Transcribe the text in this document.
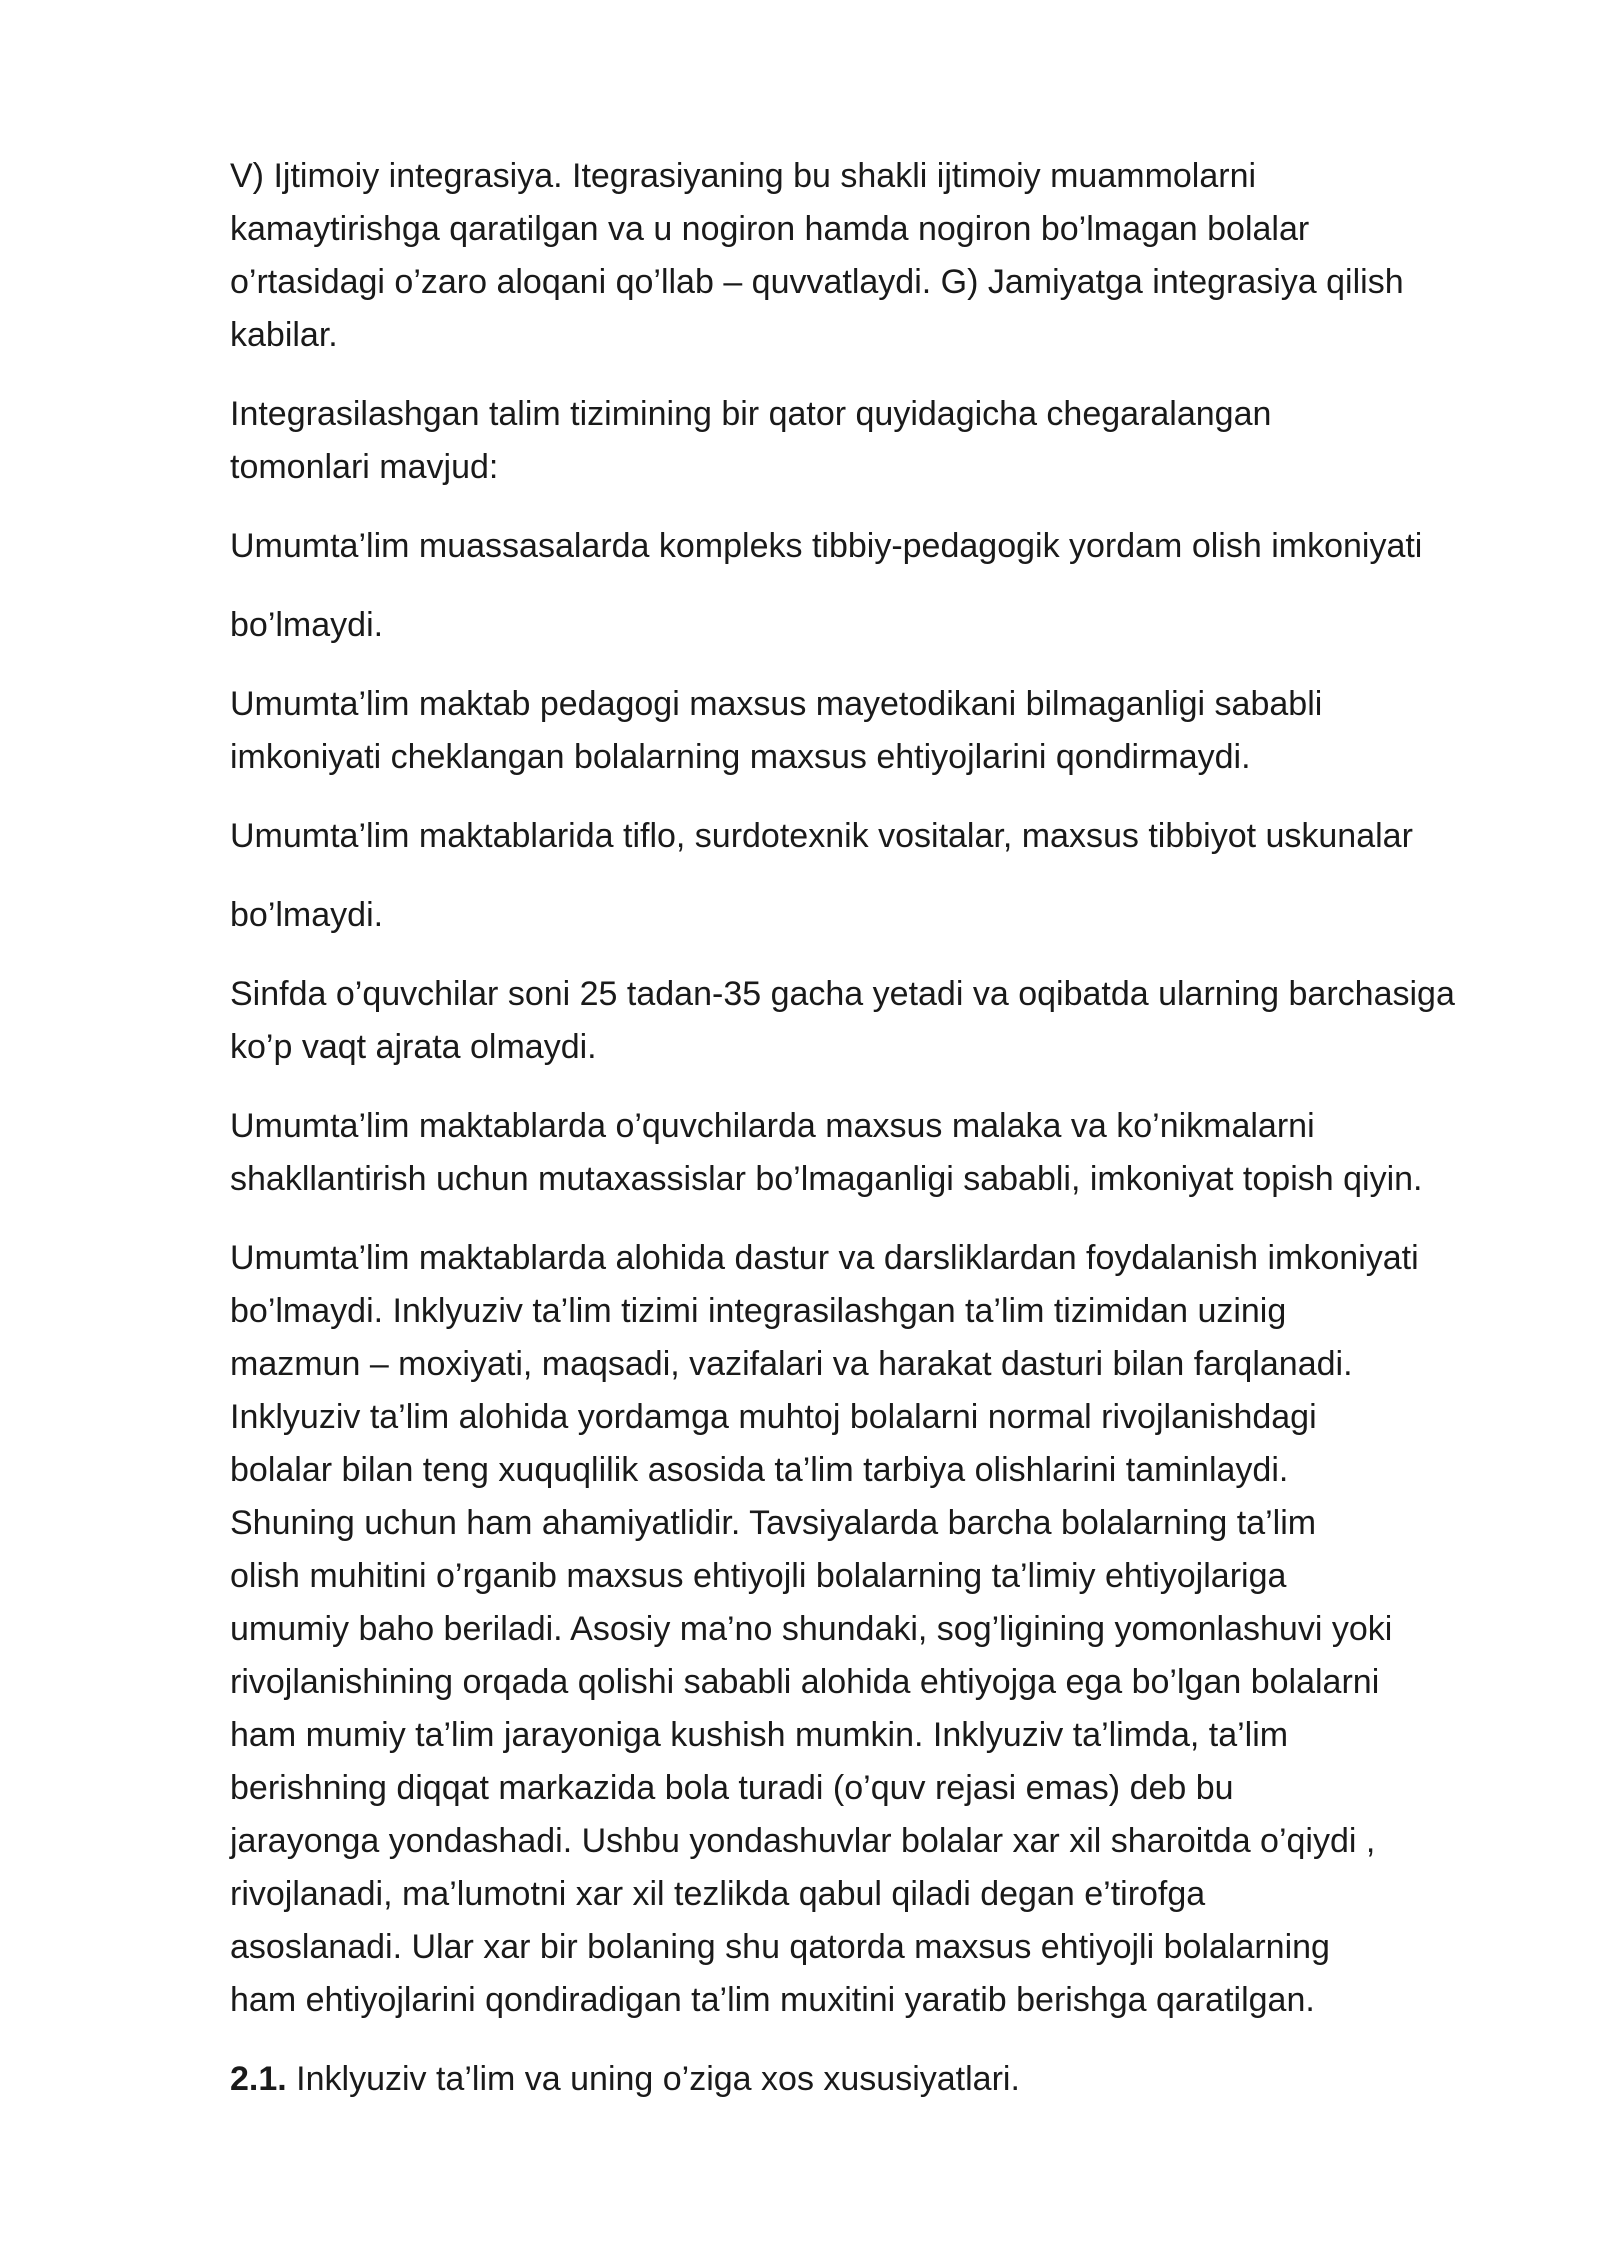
V) Ijtimoiy integrasiya. Itegrasiyaning bu shakli ijtimoiy muammolarni

kamaytirishga qaratilgan va u nogiron hamda nogiron bo’lmagan bolalar

o’rtasidagi o’zaro aloqani qo’llab – quvvatlaydi. G) Jamiyatga integrasiya qilish

kabilar.

Integrasilashgan talim tizimining bir qator quyidagicha chegaralangan

tomonlari mavjud:

Umumta’lim muassasalarda kompleks tibbiy-pedagogik yordam olish imkoniyati

bo’lmaydi.

Umumta’lim maktab pedagogi maxsus mayetodikani bilmaganligi sababli

imkoniyati cheklangan bolalarning maxsus ehtiyojlarini qondirmaydi.

Umumta’lim maktablarida tiflo, surdotexnik vositalar, maxsus tibbiyot uskunalar

bo’lmaydi.

Sinfda o’quvchilar soni 25 tadan-35 gacha yetadi va oqibatda ularning barchasiga

ko’p vaqt ajrata olmaydi.

Umumta’lim maktablarda o’quvchilarda maxsus malaka va ko’nikmalarni

shakllantirish uchun mutaxassislar bo’lmaganligi sababli, imkoniyat topish qiyin.

Umumta’lim maktablarda alohida dastur va darsliklardan foydalanish imkoniyati

bo’lmaydi. Inklyuziv ta’lim tizimi integrasilashgan ta’lim tizimidan uzinig

mazmun – moxiyati, maqsadi, vazifalari va harakat dasturi bilan farqlanadi.

Inklyuziv ta’lim alohida yordamga muhtoj bolalarni normal rivojlanishdagi

bolalar bilan teng xuquqlilik asosida ta’lim tarbiya olishlarini taminlaydi.

Shuning uchun ham ahamiyatlidir. Tavsiyalarda barcha bolalarning ta’lim

olish muhitini o’rganib maxsus ehtiyojli bolalarning ta’limiy ehtiyojlariga

umumiy baho beriladi. Asosiy ma’no shundaki, sog’ligining yomonlashuvi yoki

rivojlanishining orqada qolishi sababli alohida ehtiyojga ega bo’lgan bolalarni

ham mumiy ta’lim jarayoniga kushish mumkin. Inklyuziv ta’limda, ta’lim

berishning diqqat markazida bola turadi (o’quv rejasi emas) deb bu

jarayonga yondashadi. Ushbu yondashuvlar bolalar xar xil sharoitda o’qiydi ,

rivojlanadi, ma’lumotni xar xil tezlikda qabul qiladi degan e’tirofga

asoslanadi. Ular xar bir bolaning shu qatorda maxsus ehtiyojli bolalarning

ham ehtiyojlarini qondiradigan ta’lim muxitini yaratib berishga qaratilgan.

2.1. Inklyuziv ta’lim va uning o’ziga xos xususiyatlari.
